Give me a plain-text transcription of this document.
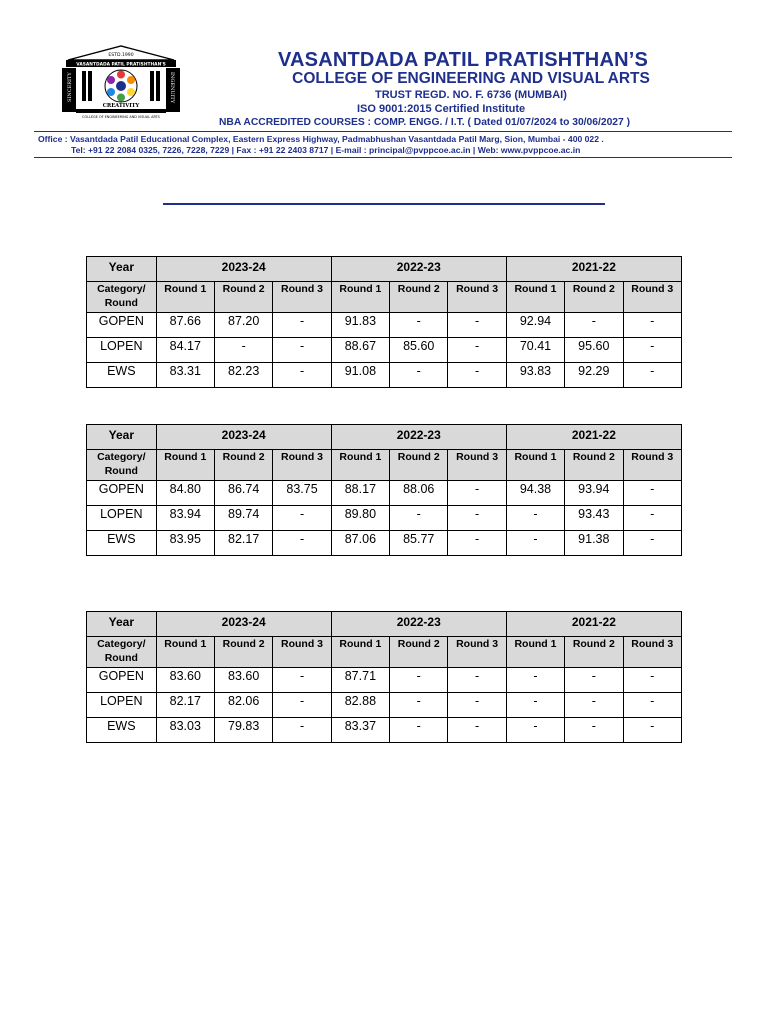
ESTD.1990
VASANTDADA PATIL PRATISHTHAN'S
SINCERITY	INGENUITY
CREATIVITY
COLLEGE OF ENGINEERING AND VISUAL ARTS
VASANTDADA PATIL PRATISHTHAN’S
COLLEGE OF ENGINEERING AND VISUAL ARTS
TRUST REGD. NO. F. 6736 (MUMBAI)
ISO 9001:2015 Certified Institute
NBA ACCREDITED COURSES : COMP. ENGG. / I.T. ( Dated 01/07/2024 to 30/06/2027 )
Office : Vasantdada Patil Educational Complex, Eastern Express Highway, Padmabhushan Vasantdada Patil Marg, Sion, Mumbai - 400 022 .
Tel: +91 22 2084 0325, 7226, 7228, 7229 | Fax : +91 22 2403 8717 | E-mail : principal@pvppcoe.ac.in | Web: www.pvppcoe.ac.in
Year	2023-24			2022-23			2021-22		
Category/
Round	Round 1	Round 2	Round 3	Round 1	Round 2	Round 3	Round 1	Round 2	Round 3
GOPEN	87.66	87.20	-	91.83	-	-	92.94	-	-
LOPEN	84.17	-	-	88.67	85.60	-	70.41	95.60	-
EWS	83.31	82.23	-	91.08	-	-	93.83	92.29	-
Year	2023-24			2022-23			2021-22		
Category/
Round	Round 1	Round 2	Round 3	Round 1	Round 2	Round 3	Round 1	Round 2	Round 3
GOPEN	84.80	86.74	83.75	88.17	88.06	-	94.38	93.94	-
LOPEN	83.94	89.74	-	89.80	-	-	-	93.43	-
EWS	83.95	82.17	-	87.06	85.77	-	-	91.38	-
Year	2023-24			2022-23			2021-22		
Category/
Round	Round 1	Round 2	Round 3	Round 1	Round 2	Round 3	Round 1	Round 2	Round 3
GOPEN	83.60	83.60	-	87.71	-	-	-	-	-
LOPEN	82.17	82.06	-	82.88	-	-	-	-	-
EWS	83.03	79.83	-	83.37	-	-	-	-	-
